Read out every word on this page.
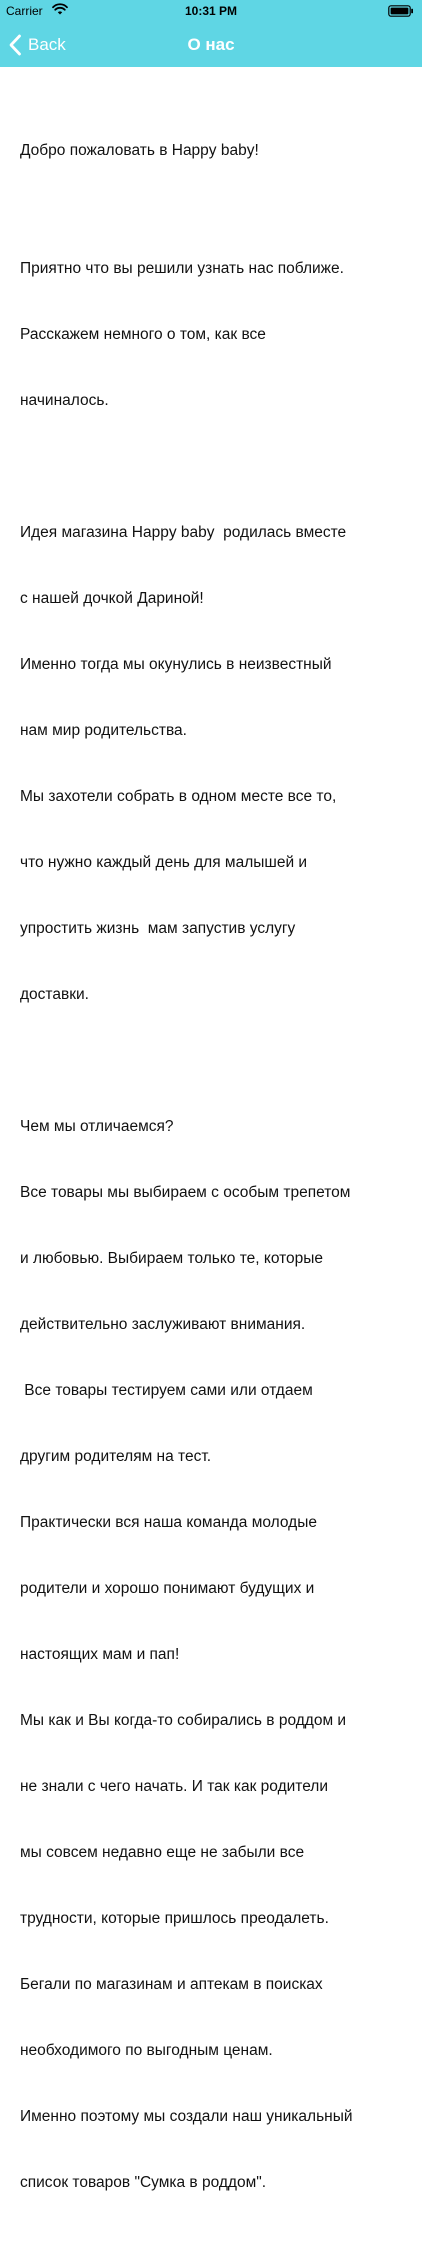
Carrier	10:31 PM
Back	О нас

Добро пожаловать в Happy baby!

Приятно что вы решили узнать нас поближе.

Расскажем немного о том, как все

начиналось.

Идея магазина Happy baby  родилась вместе

с нашей дочкой Дариной!

Именно тогда мы окунулись в неизвестный

нам мир родительства.

Мы захотели собрать в одном месте все то,

что нужно каждый день для малышей и

упростить жизнь  мам запустив услугу

доставки.

Чем мы отличаемся?

Все товары мы выбираем с особым трепетом

и любовью. Выбираем только те, которые

действительно заслуживают внимания.

Все товары тестируем сами или отдаем

другим родителям на тест.

Практически вся наша команда молодые

родители и хорошо понимают будущих и

настоящих мам и пап!

Мы как и Вы когда-то собирались в роддом и

не знали с чего начать. И так как родители

мы совсем недавно еще не забыли все

трудности, которые пришлось преодалеть.

Бегали по магазинам и аптекам в поисках

необходимого по выгодным ценам.

Именно поэтому мы создали наш уникальный

список товаров "Сумка в роддом".
